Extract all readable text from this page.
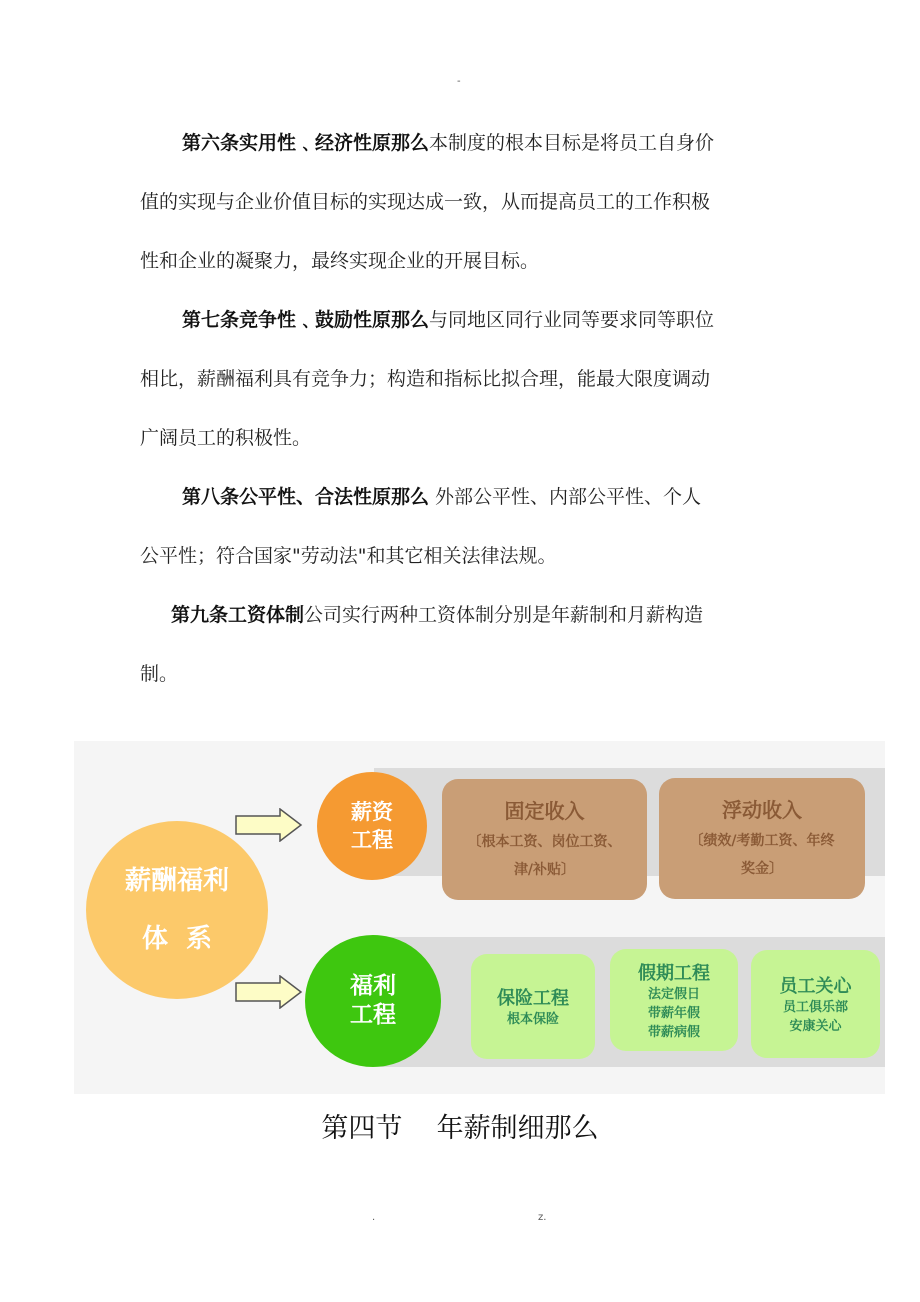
-
第六条实用性﹑经济性原那么本制度的根本目标是将员工自身价
值的实现与企业价值目标的实现达成一致，从而提高员工的工作积极
性和企业的凝聚力，最终实现企业的开展目标。
第七条竞争性﹑鼓励性原那么与同地区同行业同等要求同等职位
相比，薪酬福利具有竞争力；构造和指标比拟合理，能最大限度调动
广阔员工的积极性。
第八条公平性、合法性原那么 外部公平性、内部公平性、个人
公平性；符合国家"劳动法"和其它相关法律法规。
第九条工资体制公司实行两种工资体制分别是年薪制和月薪构造
制。
薪酬福利
体  系
薪资
工程
固定收入
〔根本工资、岗位工资、
津/补贴〕
浮动收入
〔绩效/考勤工资、年终
奖金〕
福利
工程
保险工程
根本保险
假期工程
法定假日
带薪年假
带薪病假
员工关心
员工俱乐部
安康关心
第四节    年薪制细那么
.	z.
